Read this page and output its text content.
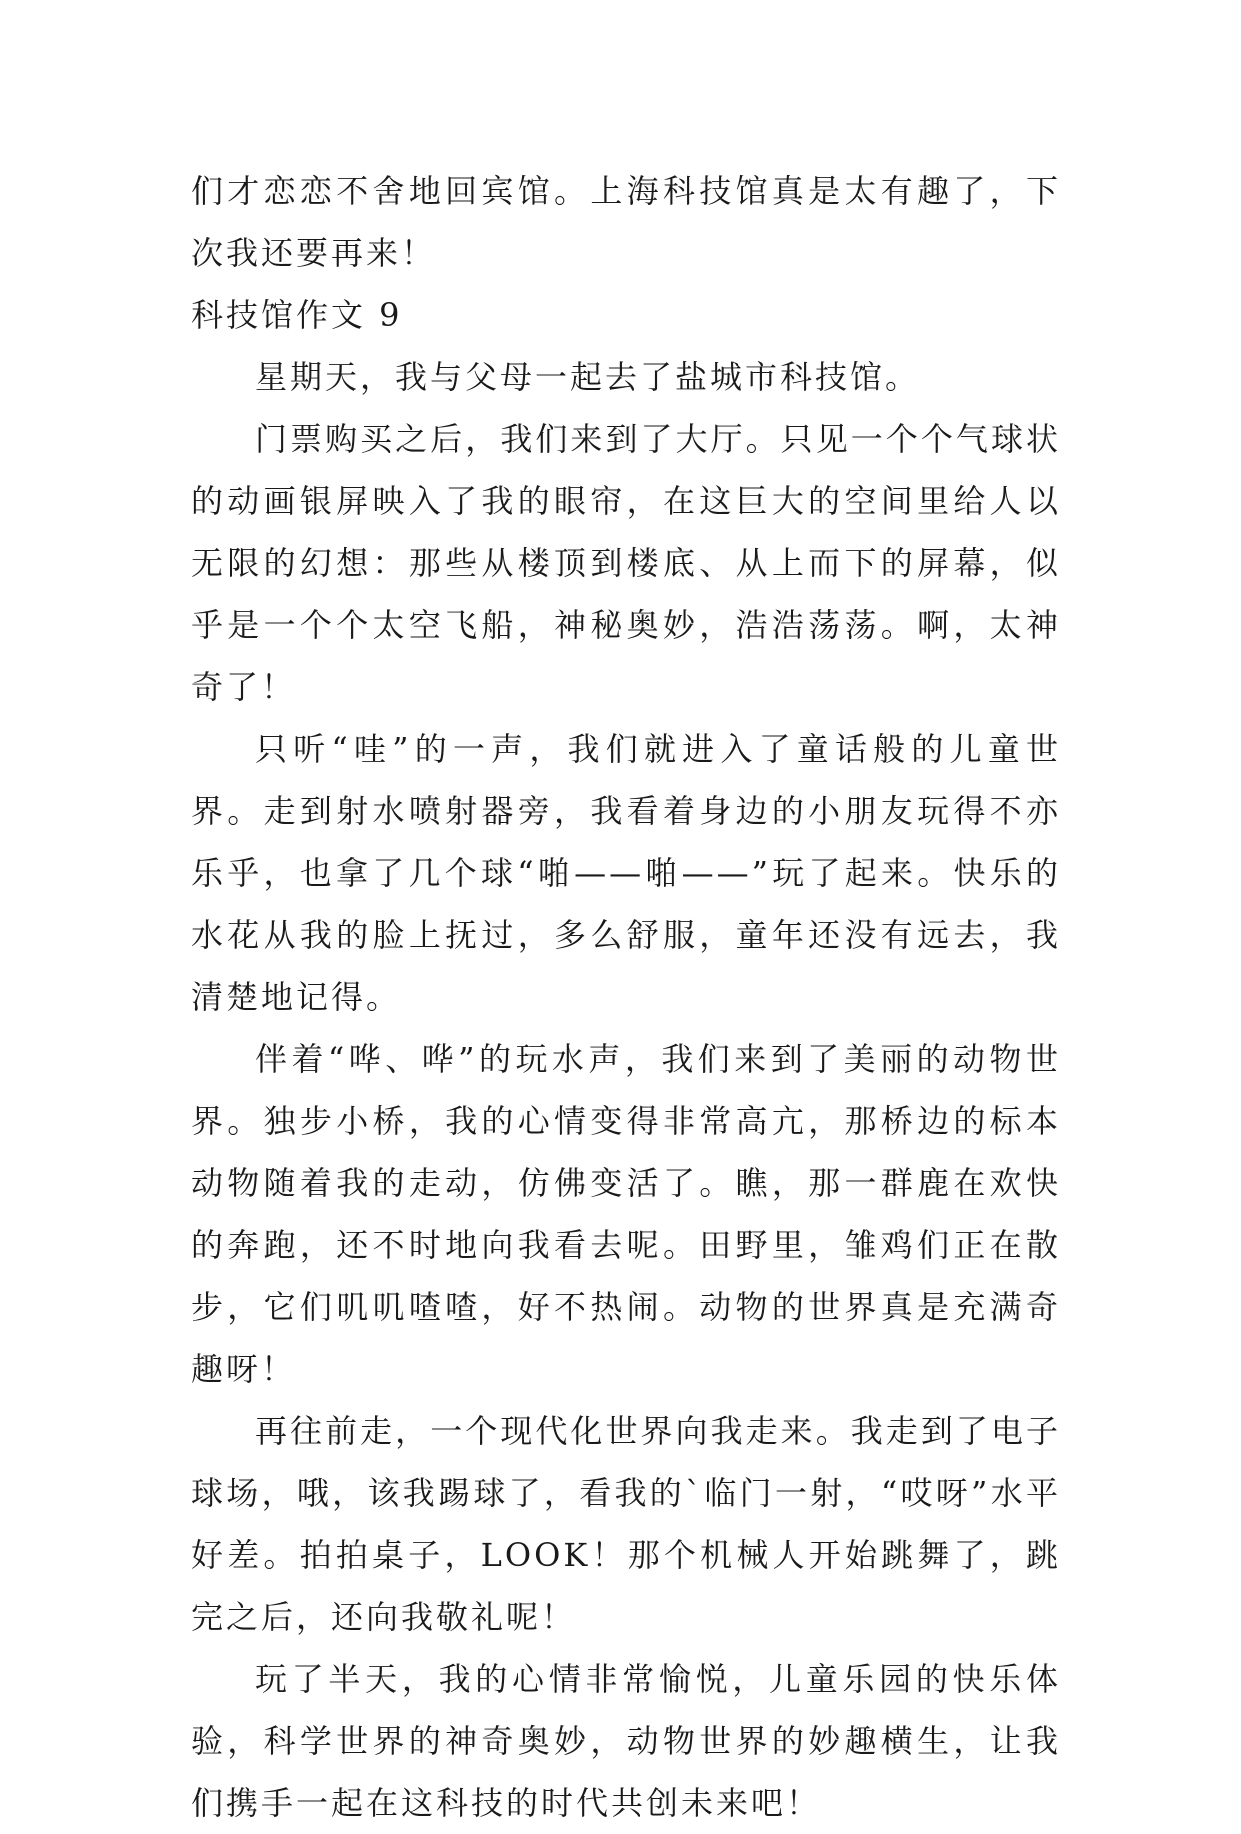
们才恋恋不舍地回宾馆。上海科技馆真是太有趣了，下次我还要再来！

科技馆作文 9

星期天，我与父母一起去了盐城市科技馆。

门票购买之后，我们来到了大厅。只见一个个气球状的动画银屏映入了我的眼帘，在这巨大的空间里给人以无限的幻想：那些从楼顶到楼底、从上而下的屏幕，似乎是一个个太空飞船，神秘奥妙，浩浩荡荡。啊，太神奇了！

只听“哇”的一声，我们就进入了童话般的儿童世界。走到射水喷射器旁，我看着身边的小朋友玩得不亦乐乎，也拿了几个球“啪——啪——”玩了起来。快乐的水花从我的脸上抚过，多么舒服，童年还没有远去，我清楚地记得。

伴着“哗、哗”的玩水声，我们来到了美丽的动物世界。独步小桥，我的心情变得非常高亢，那桥边的标本动物随着我的走动，仿佛变活了。瞧，那一群鹿在欢快的奔跑，还不时地向我看去呢。田野里，雏鸡们正在散步，它们叽叽喳喳，好不热闹。动物的世界真是充满奇趣呀！

再往前走，一个现代化世界向我走来。我走到了电子球场，哦，该我踢球了，看我的`临门一射，“哎呀”水平好差。拍拍桌子，LOOK！那个机械人开始跳舞了，跳完之后，还向我敬礼呢！

玩了半天，我的心情非常愉悦，儿童乐园的快乐体验，科学世界的神奇奥妙，动物世界的妙趣横生，让我们携手一起在这科技的时代共创未来吧！
